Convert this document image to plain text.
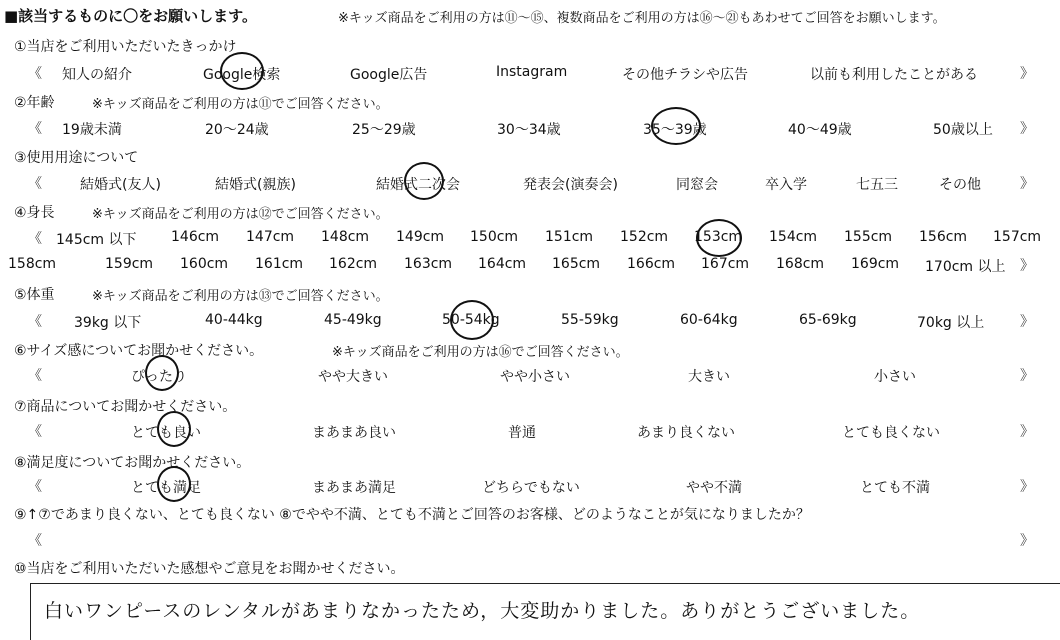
■該当するものに〇をお願いします。	※キッズ商品をご利用の方は⑪～⑮、複数商品をご利用の方は⑯～㉑もあわせてご回答をお願いします。
①当店をご利用いただいたきっかけ
《 知人の紹介	Google検索	Google広告	Instagram	その他チラシや広告	以前も利用したことがある	》
②年齢	※キッズ商品をご利用の方は⑪でご回答ください。
《 19歳未満	20～24歳	25～29歳	30～34歳	35～39歳	40～49歳	50歳以上 》
③使用用途について
《	結婚式(友人)	結婚式(親族)	結婚式二次会	発表会(演奏会)	同窓会	卒入学	七五三	その他	》
④身長	※キッズ商品をご利用の方は⑫でご回答ください。
《 145cm 以下 146cm 147cm 148cm 149cm 150cm 151cm 152cm 153cm 154cm 155cm 156cm 157cm
158cm	159cm 160cm 161cm 162cm 163cm 164cm 165cm 166cm 167cm 168cm 169cm 170cm 以上 》
⑤体重	※キッズ商品をご利用の方は⑬でご回答ください。
《 39kg 以下	40-44kg	45-49kg	50-54kg	55-59kg	60-64kg	65-69kg	70kg 以上	》
⑥サイズ感についてお聞かせください。	※キッズ商品をご利用の方は⑯でご回答ください。
《	ぴったり	やや大きい	やや小さい	大きい	小さい	》
⑦商品についてお聞かせください。
《	とても良い	まあまあ良い	普通	あまり良くない	とても良くない	》
⑧満足度についてお聞かせください。
《	とても満足	まあまあ満足	どちらでもない	やや不満	とても不満	》
⑨↑⑦であまり良くない、とても良くない ⑧でやや不満、とても不満とご回答のお客様、どのようなことが気になりましたか？
《	》
⑩当店をご利用いただいた感想やご意見をお聞かせください。
白いワンピースのレンタルがあまりなかったため，大変助かりました。ありがとうございました。
